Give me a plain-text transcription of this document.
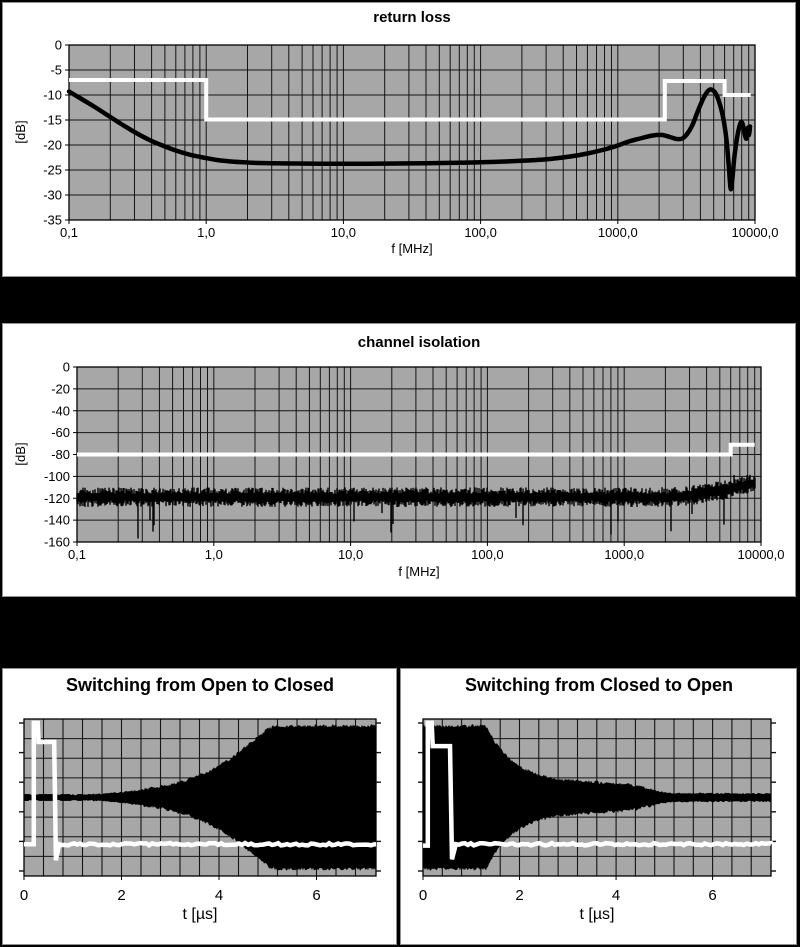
return loss
f [MHz]
[dB]
0
-5
-10
-15
-20
-25
-30
-35
0,1	1,0	10,0	100,0	1000,0	10000,0
channel isolation
f [MHz]
[dB]
0
-20
-40
-60
-80
-100
-120
-140
-160
0,1	1,0	10,0	100,0	1000,0	10000,0
Switching from Open to Closed
t [µs]
0	2	4	6
Switching from Closed to Open
t [µs]
0	2	4	6
